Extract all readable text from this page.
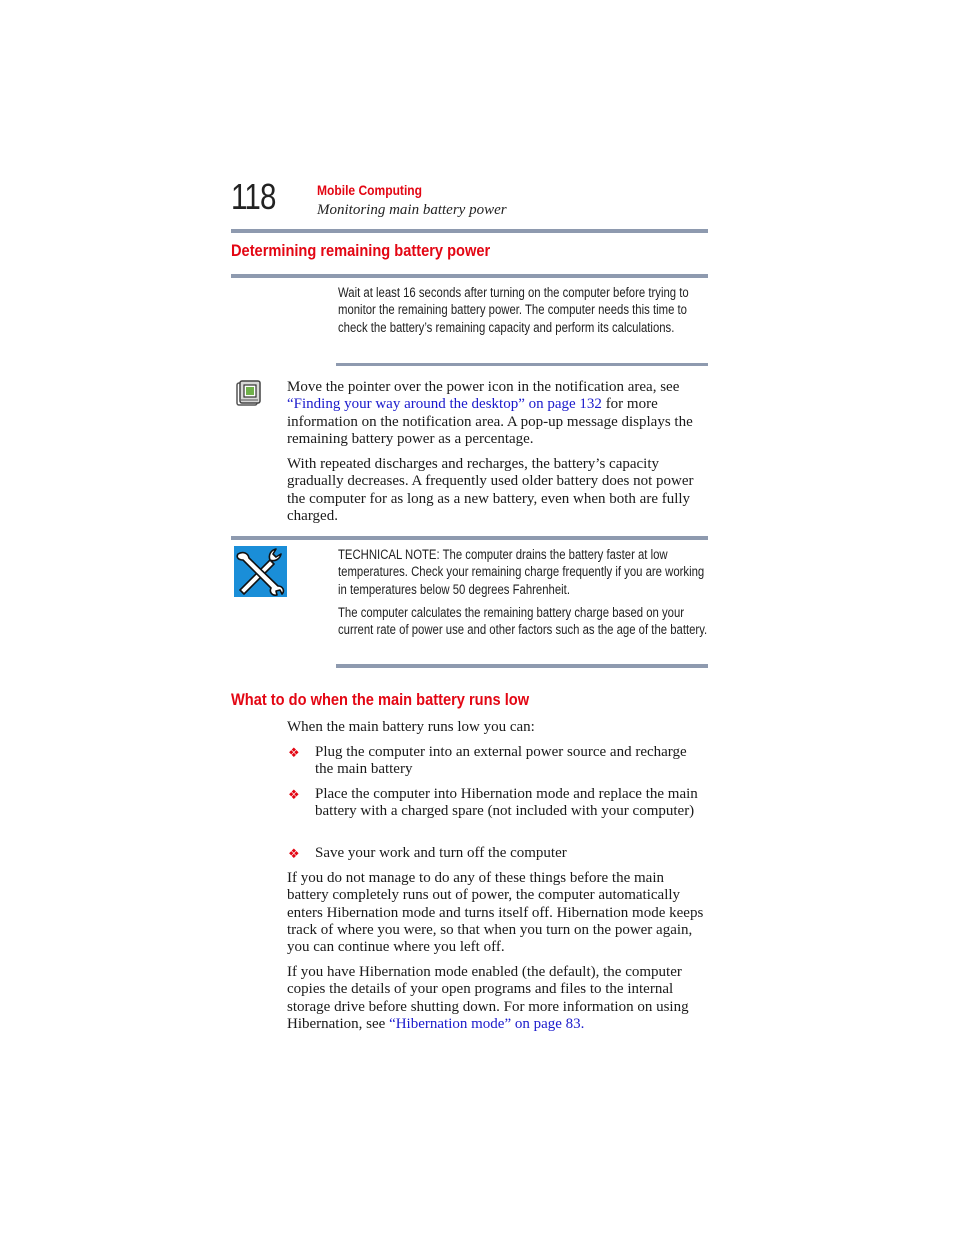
118	Mobile Computing
Monitoring main battery power
Determining remaining battery power

Wait at least 16 seconds after turning on the computer before trying to monitor the remaining battery power. The computer needs this time to check the battery’s remaining capacity and perform its calculations.

Move the pointer over the power icon in the notification area, see “Finding your way around the desktop” on page 132 for more information on the notification area. A pop-up message displays the remaining battery power as a percentage.

With repeated discharges and recharges, the battery’s capacity gradually decreases. A frequently used older battery does not power the computer for as long as a new battery, even when both are fully charged.

TECHNICAL NOTE: The computer drains the battery faster at low temperatures. Check your remaining charge frequently if you are working in temperatures below 50 degrees Fahrenheit.

The computer calculates the remaining battery charge based on your current rate of power use and other factors such as the age of the battery.

What to do when the main battery runs low

When the main battery runs low you can:

❖ Plug the computer into an external power source and recharge the main battery

❖ Place the computer into Hibernation mode and replace the main battery with a charged spare (not included with your computer)

❖ Save your work and turn off the computer

If you do not manage to do any of these things before the main battery completely runs out of power, the computer automatically enters Hibernation mode and turns itself off. Hibernation mode keeps track of where you were, so that when you turn on the power again, you can continue where you left off.

If you have Hibernation mode enabled (the default), the computer copies the details of your open programs and files to the internal storage drive before shutting down. For more information on using Hibernation, see “Hibernation mode” on page 83.
